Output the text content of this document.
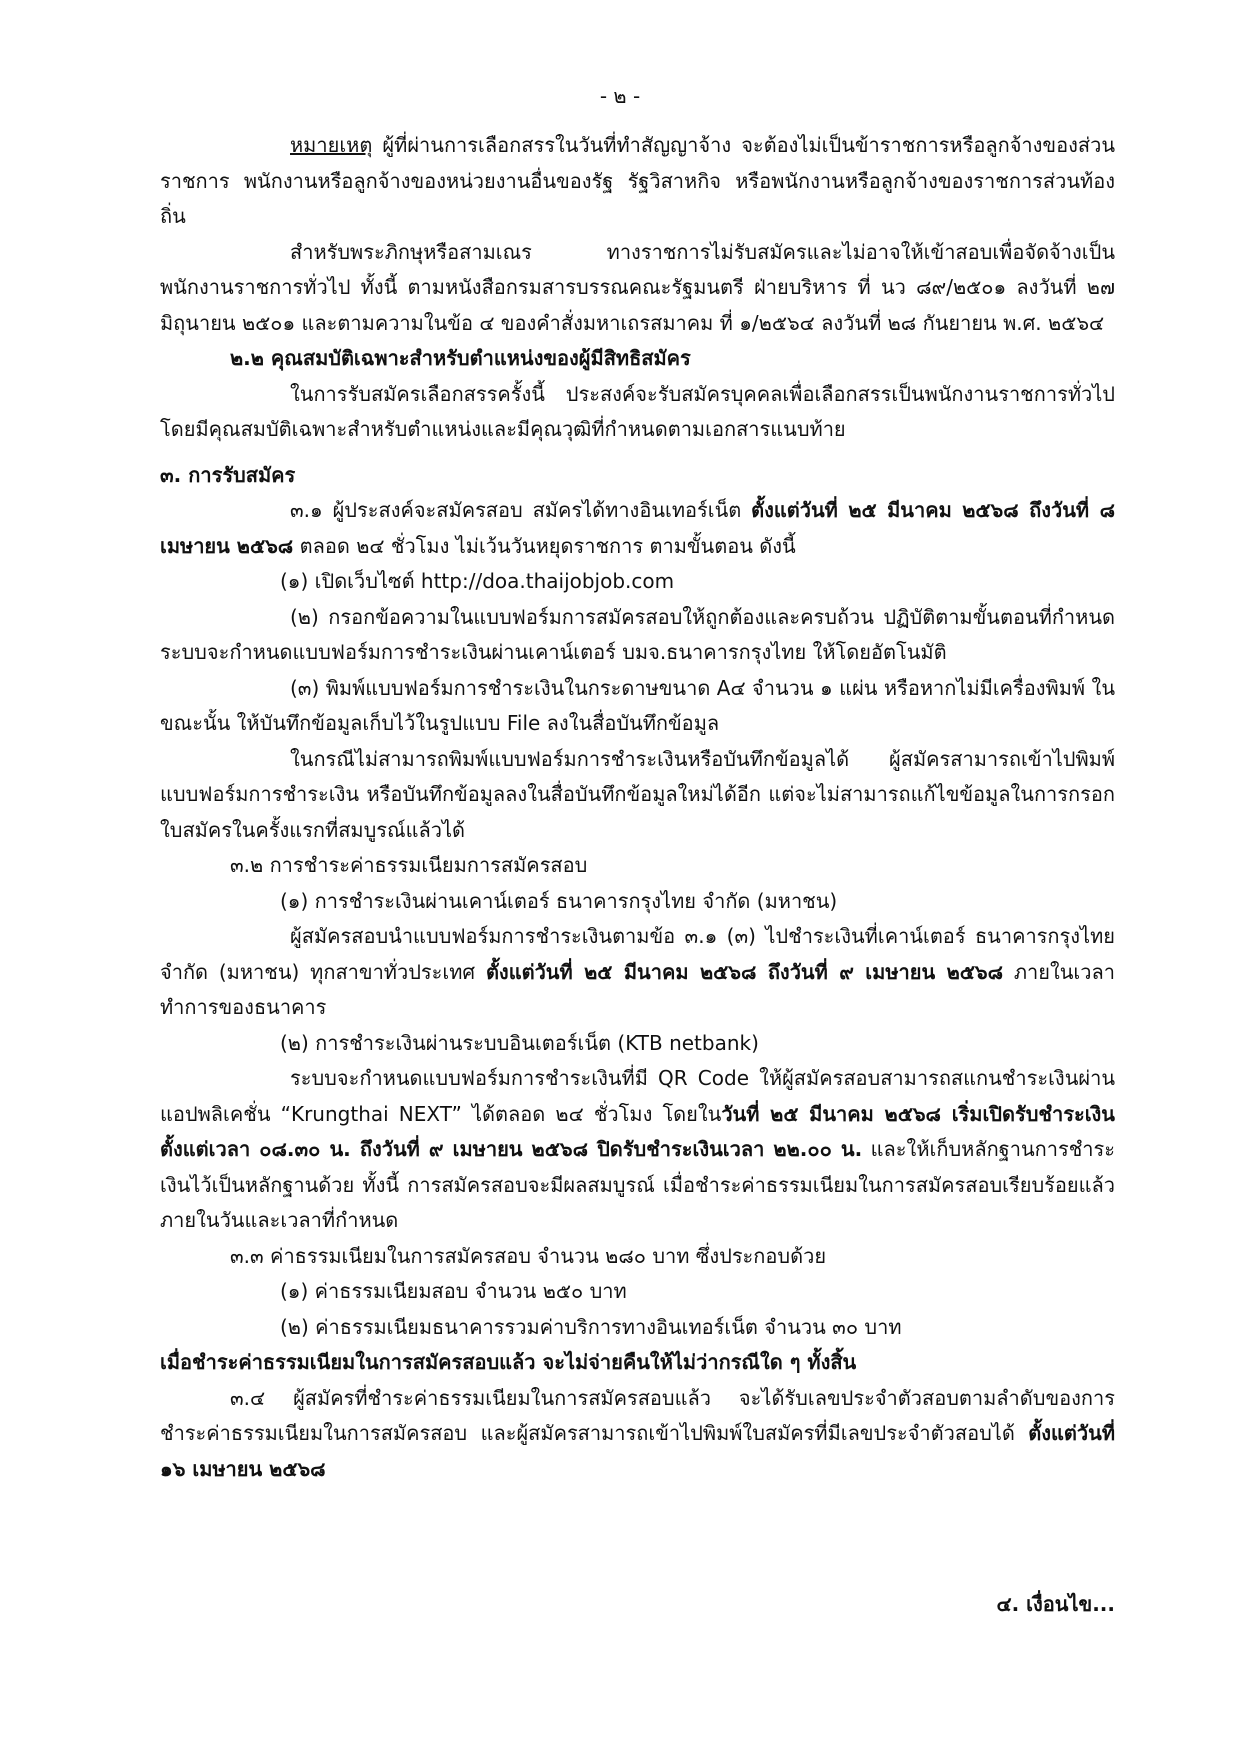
- ๒ -

หมายเหตุ ผู้ที่ผ่านการเลือกสรรในวันที่ทำสัญญาจ้าง จะต้องไม่เป็นข้าราชการหรือลูกจ้างของส่วนราชการ พนักงานหรือลูกจ้างของหน่วยงานอื่นของรัฐ รัฐวิสาหกิจ หรือพนักงานหรือลูกจ้างของราชการส่วนท้องถิ่น

สำหรับพระภิกษุหรือสามเณร ทางราชการไม่รับสมัครและไม่อาจให้เข้าสอบเพื่อจัดจ้างเป็นพนักงานราชการทั่วไป ทั้งนี้ ตามหนังสือกรมสารบรรณคณะรัฐมนตรี ฝ่ายบริหาร ที่ นว ๘๙/๒๕๐๑ ลงวันที่ ๒๗ มิถุนายน ๒๕๐๑ และตามความในข้อ ๔ ของคำสั่งมหาเถรสมาคม ที่ ๑/๒๕๖๔ ลงวันที่ ๒๘ กันยายน พ.ศ. ๒๕๖๔

๒.๒ คุณสมบัติเฉพาะสำหรับตำแหน่งของผู้มีสิทธิสมัคร

ในการรับสมัครเลือกสรรครั้งนี้ ประสงค์จะรับสมัครบุคคลเพื่อเลือกสรรเป็นพนักงานราชการทั่วไปโดยมีคุณสมบัติเฉพาะสำหรับตำแหน่งและมีคุณวุฒิที่กำหนดตามเอกสารแนบท้าย

๓. การรับสมัคร

๓.๑ ผู้ประสงค์จะสมัครสอบ สมัครได้ทางอินเทอร์เน็ต ตั้งแต่วันที่ ๒๕ มีนาคม ๒๕๖๘ ถึงวันที่ ๘ เมษายน ๒๕๖๘ ตลอด ๒๔ ชั่วโมง ไม่เว้นวันหยุดราชการ ตามขั้นตอน ดังนี้

(๑) เปิดเว็บไซต์ http://doa.thaijobjob.com

(๒) กรอกข้อความในแบบฟอร์มการสมัครสอบให้ถูกต้องและครบถ้วน ปฏิบัติตามขั้นตอนที่กำหนด ระบบจะกำหนดแบบฟอร์มการชำระเงินผ่านเคาน์เตอร์ บมจ.ธนาคารกรุงไทย ให้โดยอัตโนมัติ

(๓) พิมพ์แบบฟอร์มการชำระเงินในกระดาษขนาด A๔ จำนวน ๑ แผ่น หรือหากไม่มีเครื่องพิมพ์ ในขณะนั้น ให้บันทึกข้อมูลเก็บไว้ในรูปแบบ File ลงในสื่อบันทึกข้อมูล

ในกรณีไม่สามารถพิมพ์แบบฟอร์มการชำระเงินหรือบันทึกข้อมูลได้ ผู้สมัครสามารถเข้าไปพิมพ์แบบฟอร์มการชำระเงิน หรือบันทึกข้อมูลลงในสื่อบันทึกข้อมูลใหม่ได้อีก แต่จะไม่สามารถแก้ไขข้อมูลในการกรอกใบสมัครในครั้งแรกที่สมบูรณ์แล้วได้

๓.๒ การชำระค่าธรรมเนียมการสมัครสอบ

(๑) การชำระเงินผ่านเคาน์เตอร์ ธนาคารกรุงไทย จำกัด (มหาชน)

ผู้สมัครสอบนำแบบฟอร์มการชำระเงินตามข้อ ๓.๑ (๓) ไปชำระเงินที่เคาน์เตอร์ ธนาคารกรุงไทย จำกัด (มหาชน) ทุกสาขาทั่วประเทศ ตั้งแต่วันที่ ๒๕ มีนาคม ๒๕๖๘ ถึงวันที่ ๙ เมษายน ๒๕๖๘ ภายในเวลาทำการของธนาคาร

(๒) การชำระเงินผ่านระบบอินเตอร์เน็ต (KTB netbank)

ระบบจะกำหนดแบบฟอร์มการชำระเงินที่มี QR Code ให้ผู้สมัครสอบสามารถสแกนชำระเงินผ่านแอปพลิเคชั่น “Krungthai NEXT” ได้ตลอด ๒๔ ชั่วโมง โดยในวันที่ ๒๕ มีนาคม ๒๕๖๘ เริ่มเปิดรับชำระเงินตั้งแต่เวลา ๐๘.๓๐ น. ถึงวันที่ ๙ เมษายน ๒๕๖๘ ปิดรับชำระเงินเวลา ๒๒.๐๐ น. และให้เก็บหลักฐานการชำระเงินไว้เป็นหลักฐานด้วย ทั้งนี้ การสมัครสอบจะมีผลสมบูรณ์ เมื่อชำระค่าธรรมเนียมในการสมัครสอบเรียบร้อยแล้วภายในวันและเวลาที่กำหนด

๓.๓ ค่าธรรมเนียมในการสมัครสอบ จำนวน ๒๘๐ บาท ซึ่งประกอบด้วย

(๑) ค่าธรรมเนียมสอบ จำนวน ๒๕๐ บาท

(๒) ค่าธรรมเนียมธนาคารรวมค่าบริการทางอินเทอร์เน็ต จำนวน ๓๐ บาท

เมื่อชำระค่าธรรมเนียมในการสมัครสอบแล้ว จะไม่จ่ายคืนให้ไม่ว่ากรณีใด ๆ ทั้งสิ้น

๓.๔ ผู้สมัครที่ชำระค่าธรรมเนียมในการสมัครสอบแล้ว จะได้รับเลขประจำตัวสอบตามลำดับของการชำระค่าธรรมเนียมในการสมัครสอบ และผู้สมัครสามารถเข้าไปพิมพ์ใบสมัครที่มีเลขประจำตัวสอบได้ ตั้งแต่วันที่ ๑๖ เมษายน ๒๕๖๘

๔. เงื่อนไข...
